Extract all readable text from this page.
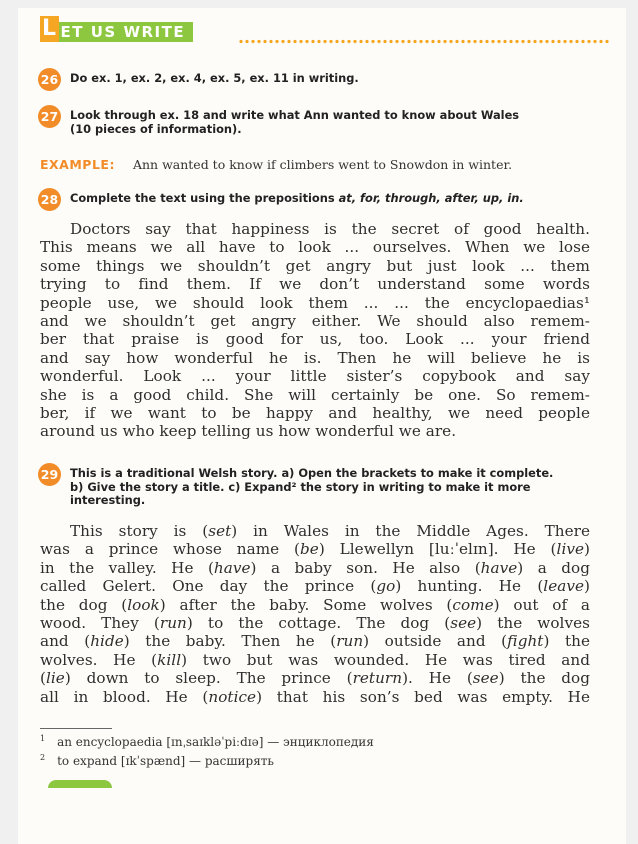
L ET US WRITE
26 Do ex. 1, ex. 2, ex. 4, ex. 5, ex. 11 in writing.
27 Look through ex. 18 and write what Ann wanted to know about Wales
(10 pieces of information).
EXAMPLE: Ann wanted to know if climbers went to Snowdon in winter.
28 Complete the text using the prepositions at, for, through, after, up, in.
Doctors say that happiness is the secret of good health.
This means we all have to look ... ourselves. When we lose
some things we shouldn’t get angry but just look ... them
trying to find them. If we don’t understand some words
people use, we should look them ... ... the encyclopaedias¹
and we shouldn’t get angry either. We should also remem-
ber that praise is good for us, too. Look ... your friend
and say how wonderful he is. Then he will believe he is
wonderful. Look ... your little sister’s copybook and say
she is a good child. She will certainly be one. So remem-
ber, if we want to be happy and healthy, we need people
around us who keep telling us how wonderful we are.
29 This is a traditional Welsh story. a) Open the brackets to make it complete.
b) Give the story a title. c) Expand² the story in writing to make it more
interesting.
This story is (set) in Wales in the Middle Ages. There
was a prince whose name (be) Llewellyn [luːˈelɪn]. He (live)
in the valley. He (have) a baby son. He also (have) a dog
called Gelert. One day the prince (go) hunting. He (leave)
the dog (look) after the baby. Some wolves (come) out of a
wood. They (run) to the cottage. The dog (see) the wolves
and (hide) the baby. Then he (run) outside and (fight) the
wolves. He (kill) two but was wounded. He was tired and
(lie) down to sleep. The prince (return). He (see) the dog
all in blood. He (notice) that his son’s bed was empty. He
$^1$ an encyclopaedia [ɪnˌsaɪkləˈpiːdɪə] — энциклопедия
$^2$ to expand [ɪkˈspænd] — расширять
